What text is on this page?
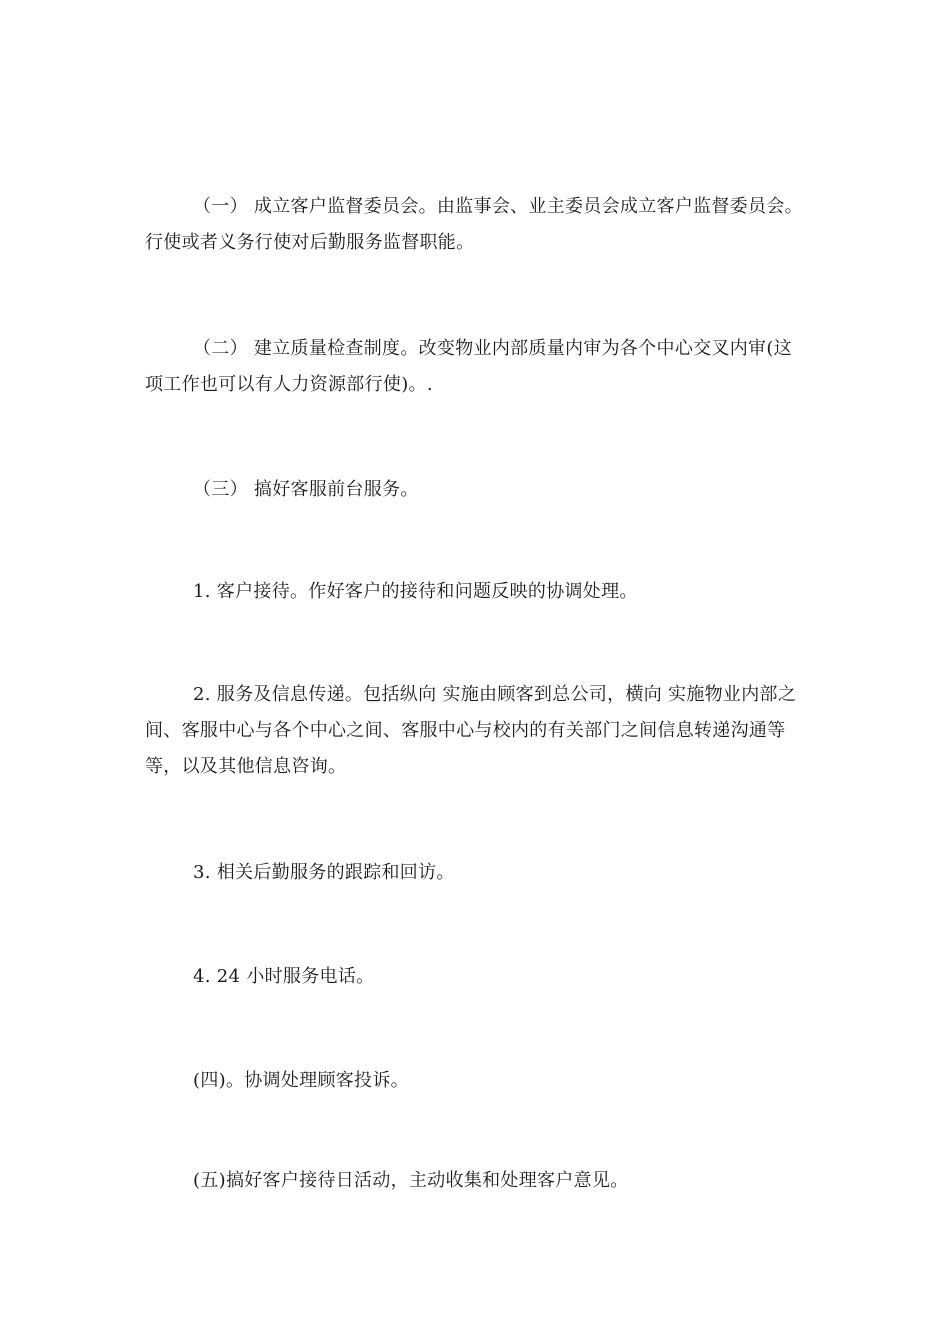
（一） 成立客户监督委员会。由监事会、业主委员会成立客户监督委员会。行使或者义务行使对后勤服务监督职能。

（二） 建立质量检查制度。改变物业内部质量内审为各个中心交叉内审(这项工作也可以有人力资源部行使)。.

（三） 搞好客服前台服务。

1. 客户接待。作好客户的接待和问题反映的协调处理。

2. 服务及信息传递。包括纵向 实施由顾客到总公司，横向 实施物业内部之间、客服中心与各个中心之间、客服中心与校内的有关部门之间信息转递沟通等等，以及其他信息咨询。

3. 相关后勤服务的跟踪和回访。

4. 24 小时服务电话。

(四)。协调处理顾客投诉。

(五)搞好客户接待日活动，主动收集和处理客户意见。
